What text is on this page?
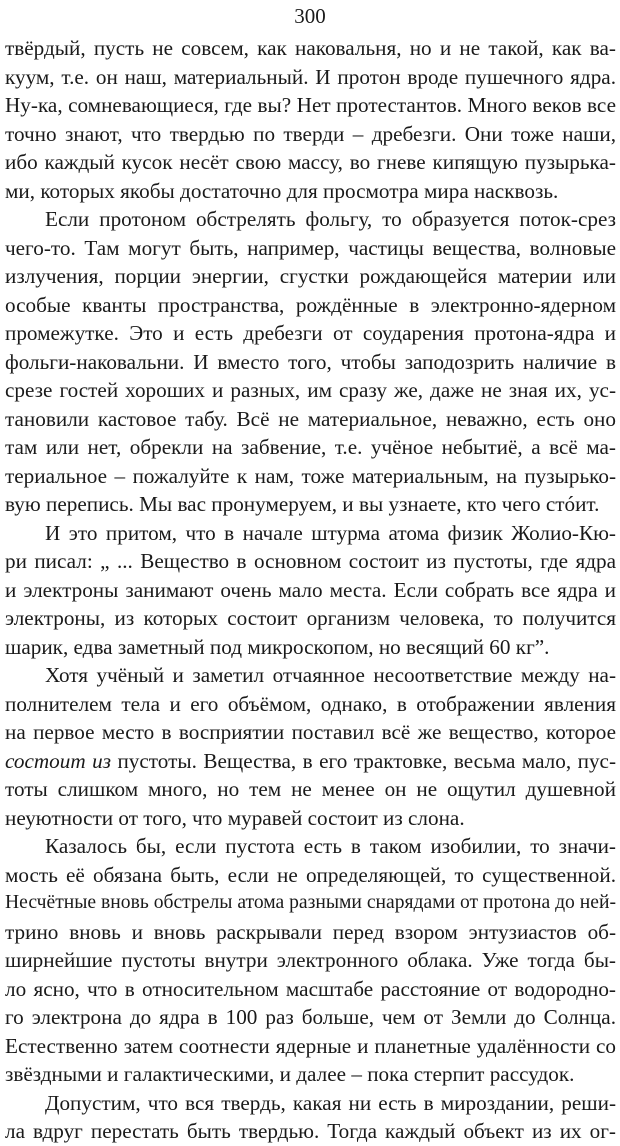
300
твёрдый, пусть не совсем, как наковальня, но и не такой, как ва-
куум, т.е. он наш, материальный. И протон вроде пушечного ядра.
Ну-ка, сомневающиеся, где вы? Нет протестантов. Много веков все
точно знают, что твердью по тверди – дребезги. Они тоже наши,
ибо каждый кусок несёт свою массу, во гневе кипящую пузырька-
ми, которых якобы достаточно для просмотра мира насквозь.
Если протоном обстрелять фольгу, то образуется поток-срез
чего-то. Там могут быть, например, частицы вещества, волновые
излучения, порции энергии, сгустки рождающейся материи или
особые кванты пространства, рождённые в электронно-ядерном
промежутке. Это и есть дребезги от соударения протона-ядра и
фольги-наковальни. И вместо того, чтобы заподозрить наличие в
срезе гостей хороших и разных, им сразу же, даже не зная их, ус-
тановили кастовое табу. Всё не материальное, неважно, есть оно
там или нет, обрекли на забвение, т.е. учёное небытиё, а всё ма-
териальное – пожалуйте к нам, тоже материальным, на пузырько-
вую перепись. Мы вас пронумеруем, и вы узнаете, кто чего стóит.
И это притом, что в начале штурма атома физик Жолио-Кю-
ри писал: „ ... Вещество в основном состоит из пустоты, где ядра
и электроны занимают очень мало места. Если собрать все ядра и
электроны, из которых состоит организм человека, то получится
шарик, едва заметный под микроскопом, но весящий 60 кг”.
Хотя учёный и заметил отчаянное несоответствие между на-
полнителем тела и его объёмом, однако, в отображении явления
на первое место в восприятии поставил всё же вещество, которое
состоит из пустоты. Вещества, в его трактовке, весьма мало, пус-
тоты слишком много, но тем не менее он не ощутил душевной
неуютности от того, что муравей состоит из слона.
Казалось бы, если пустота есть в таком изобилии, то значи-
мость её обязана быть, если не определяющей, то существенной.
Несчётные вновь обстрелы атома разными снарядами от протона до ней-
трино вновь и вновь раскрывали перед взором энтузиастов об-
ширнейшие пустоты внутри электронного облака. Уже тогда бы-
ло ясно, что в относительном масштабе расстояние от водородно-
го электрона до ядра в 100 раз больше, чем от Земли до Солнца.
Естественно затем соотнести ядерные и планетные удалённости со
звёздными и галактическими, и далее – пока стерпит рассудок.
Допустим, что вся твердь, какая ни есть в мироздании, реши-
ла вдруг перестать быть твердью. Тогда каждый объект из их ог-
